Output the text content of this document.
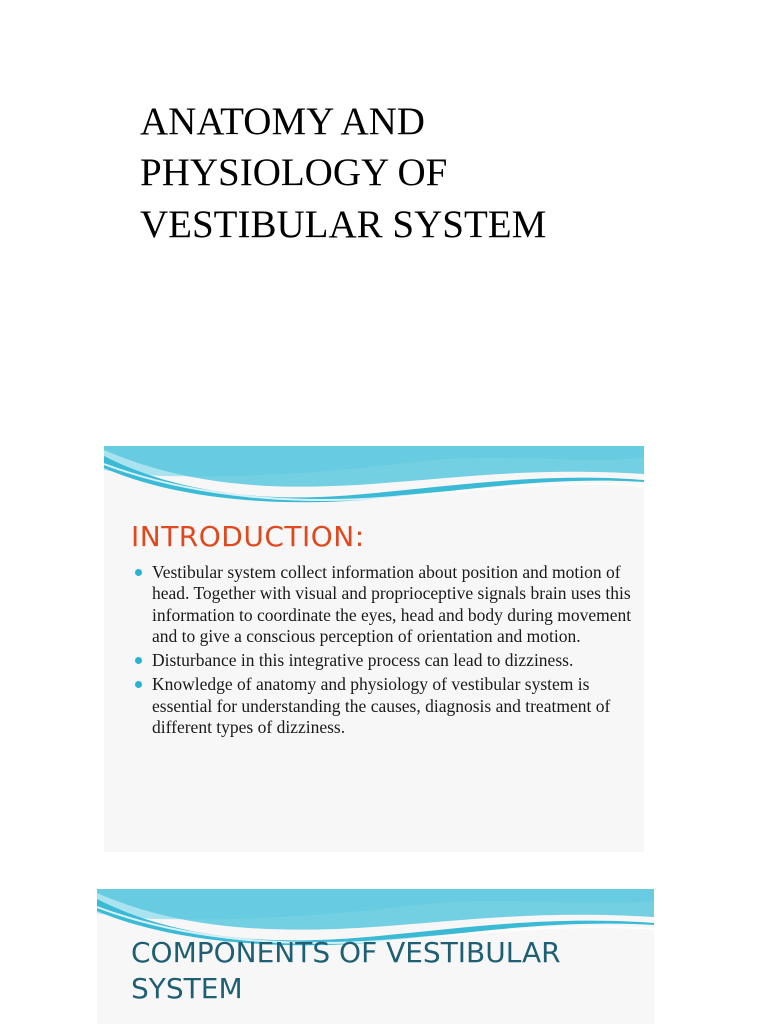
ANATOMY AND
PHYSIOLOGY OF
VESTIBULAR SYSTEM
INTRODUCTION:
Vestibular system collect information about position and motion of head. Together with visual and proprioceptive signals brain uses this information to coordinate the eyes, head and body during movement and to give a conscious perception of orientation and motion.
Disturbance in this integrative process can lead to dizziness.
Knowledge of anatomy and physiology of vestibular system is essential for understanding the causes, diagnosis and treatment of different types of dizziness.
COMPONENTS OF VESTIBULAR SYSTEM
